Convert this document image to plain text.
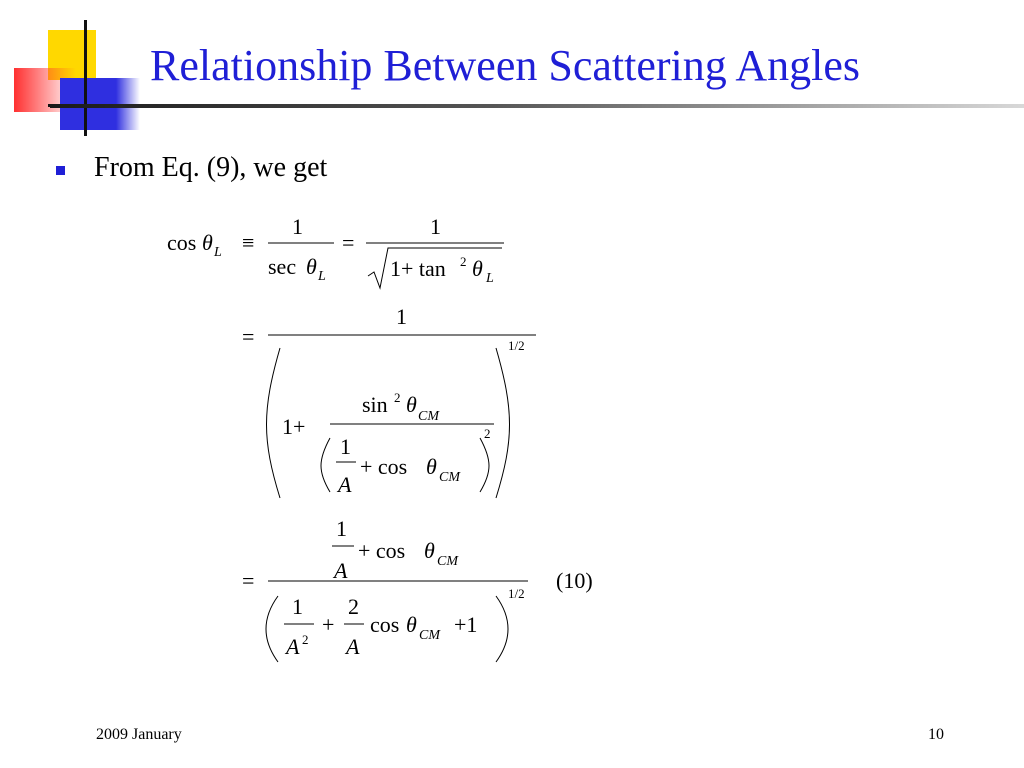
Relationship Between Scattering Angles
From Eq. (9), we get
cos θ L ≡
1
sec θ L
=
1
1+ tan 2 θ L
=
1
1/2
1+
sin 2 θ CM
2
1
A
+ cos θ CM
1
A
+ cos θ CM
=
1/2
1
A 2
+
2
A
cos θ CM +1
(10)
2009 January	10
